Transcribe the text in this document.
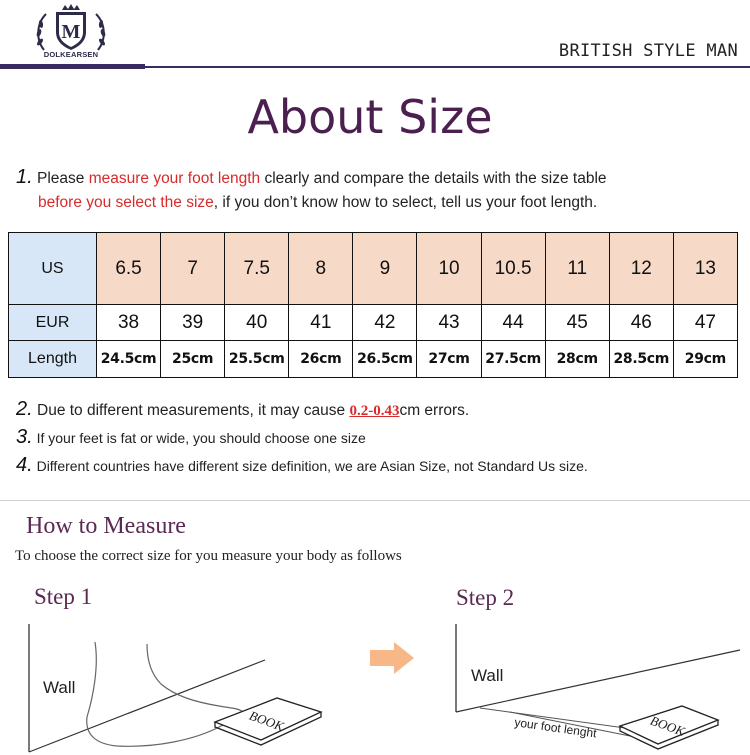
M
DOLKEARSEN	BRITISH STYLE MAN
About Size
1. Please measure your foot length clearly and compare the details with the size table
before you select the size, if you don’t know how to select, tell us your foot length.
US	6.5	7	7.5	8	9	10	10.5	11	12	13
EUR	38	39	40	41	42	43	44	45	46	47
Length	24.5cm	25cm	25.5cm	26cm	26.5cm	27cm	27.5cm	28cm	28.5cm	29cm
2. Due to different measurements, it may cause 0.2-0.43cm errors.
3. If your feet is fat or wide, you should choose one size
4. Different countries have different size definition, we are Asian Size, not Standard Us size.
How to Measure
To choose the correct size for you measure your body as follows
Step 1	Step 2
BOOK
Wall
BOOK
your foot lenght
Wall
